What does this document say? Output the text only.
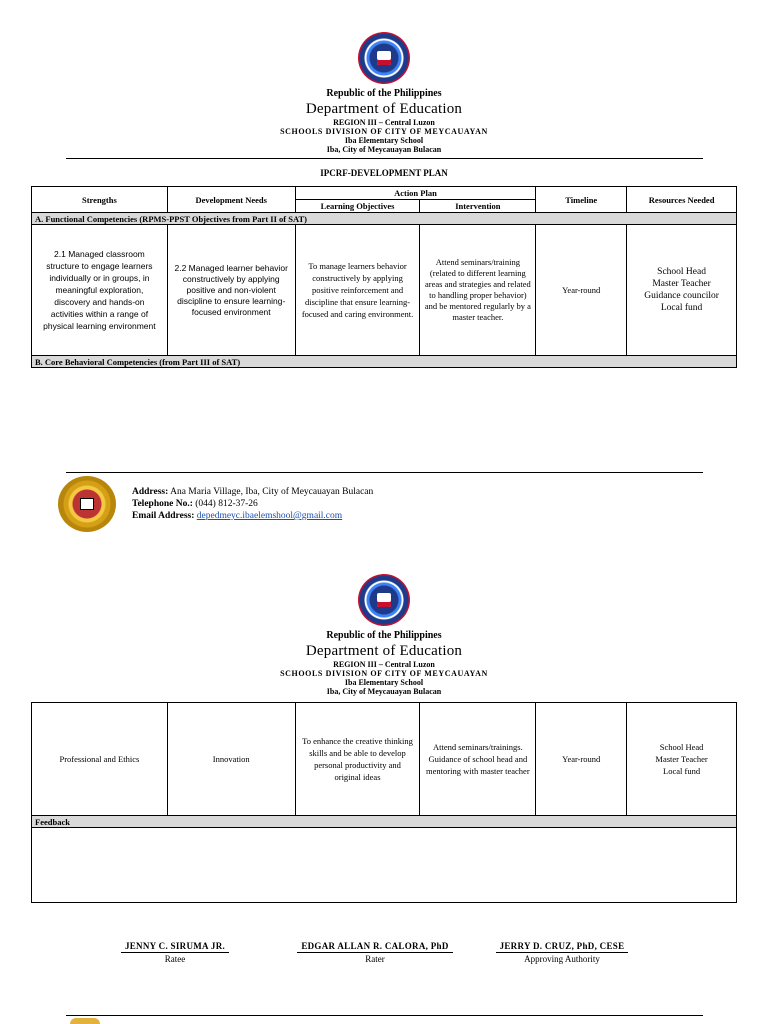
Republic of the Philippines
Department of Education
REGION III – Central Luzon
SCHOOLS DIVISION OF CITY OF MEYCAUAYAN
Iba Elementary School
Iba, City of Meycauayan Bulacan
IPCRF-DEVELOPMENT PLAN
Strengths	Development Needs	Action Plan		Timeline	Resources Needed
		Learning Objectives	Intervention		
A. Functional Competencies (RPMS-PPST Objectives from Part II of SAT)					
2.1 Managed classroom structure to engage learners individually or in groups, in meaningful exploration, discovery and hands-on activities within a range of physical learning environment	2.2 Managed learner behavior constructively by applying positive and non-violent discipline to ensure learning-focused environment	To manage learners behavior constructively by applying positive reinforcement and discipline that ensure learning-focused and caring environment.	Attend seminars/training (related to different learning areas and strategies and related to handling proper behavior) and be mentored regularly by a master teacher.	Year-round	School Head
Master Teacher
Guidance councilor
Local fund

B. Core Behavioral Competencies (from Part III of SAT)					
Address: Ana Maria Village, Iba, City of Meycauayan Bulacan
Telephone No.: (044) 812-37-26
Email Address: depedmeyc.ibaelemshool@gmail.com
Republic of the Philippines
Department of Education
REGION III – Central Luzon
SCHOOLS DIVISION OF CITY OF MEYCAUAYAN
Iba Elementary School
Iba, City of Meycauayan Bulacan
Professional and Ethics	Innovation	To enhance the creative thinking skills and be able to develop personal productivity and original ideas	Attend seminars/trainings. Guidance of school head and mentoring with master teacher	Year-round	
School Head
Master Teacher
Local fund

Feedback

JENNY C. SIRUMA JR.
Ratee
EDGAR ALLAN R. CALORA, PhD
Rater
JERRY D. CRUZ, PhD, CESE
Approving Authority
